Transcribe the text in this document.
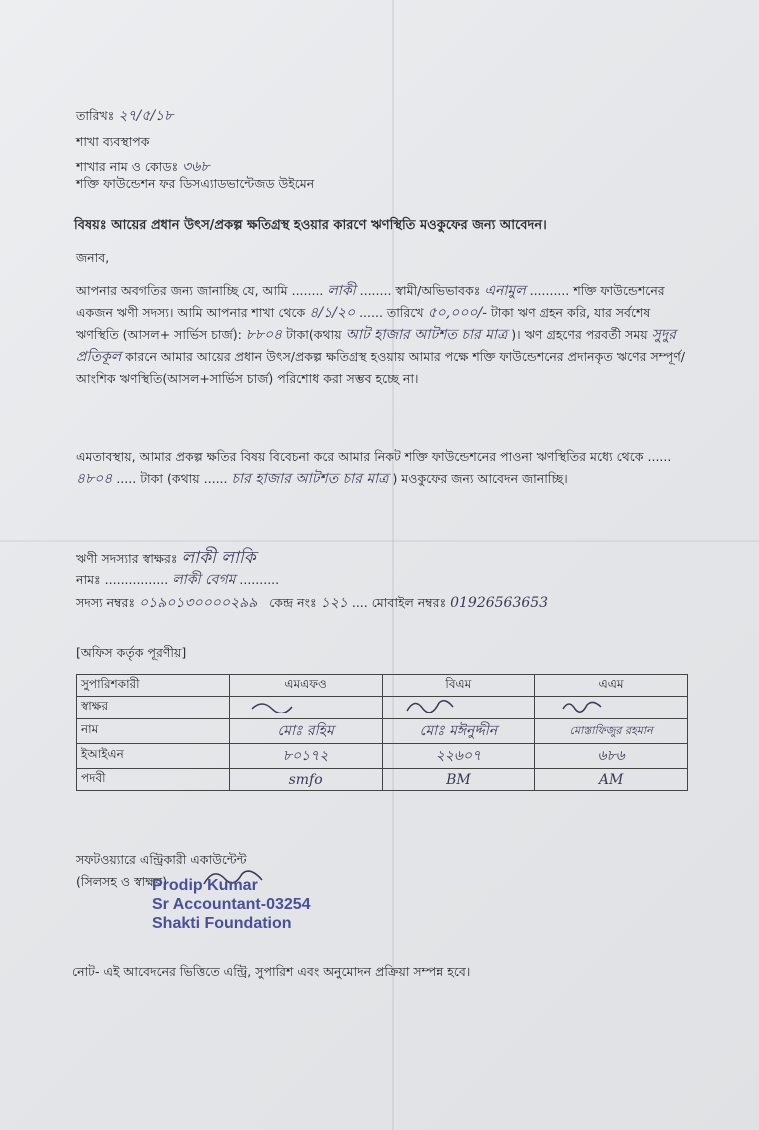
তারিখঃ ২৭/৫/১৮
শাখা ব্যবস্থাপক
শাখার নাম ও কোডঃ ৩৬৮
শক্তি ফাউন্ডেশন ফর ডিসএ্যাডভান্টেজড উইমেন
বিষয়ঃ আয়ের প্রধান উৎস/প্রকল্প ক্ষতিগ্রস্থ হওয়ার কারণে ঋণস্থিতি মওকুফের জন্য আবেদন।
জনাব,
আপনার অবগতির জন্য জানাচ্ছি যে, আমি ........ লাকী ........ স্বামী/অভিভাবকঃ এনামুল .......... শক্তি ফাউন্ডেশনের একজন ঋণী সদস্য। আমি আপনার শাখা থেকে ৪/১/২০ ...... তারিখে ৫০,০০০/- টাকা ঋণ গ্রহন করি, যার সর্বশেষ ঋণস্থিতি (আসল+ সার্ভিস চার্জ): ৮৮০৪ টাকা(কথায় আট হাজার আটশত চার মাত্র )। ঋণ গ্রহণের পরবর্তী সময় সুদুর প্রতিকূল কারনে আমার আয়ের প্রধান উৎস/প্রকল্প ক্ষতিগ্রস্থ হওয়ায় আমার পক্ষে শক্তি ফাউন্ডেশনের প্রদানকৃত ঋণের সম্পূর্ণ/আংশিক ঋণস্থিতি(আসল+সার্ভিস চার্জ) পরিশোধ করা সম্ভব হচ্ছে না।
এমতাবস্থায়, আমার প্রকল্প ক্ষতির বিষয় বিবেচনা করে আমার নিকট শক্তি ফাউন্ডেশনের পাওনা ঋণস্থিতির মধ্যে থেকে ...... ৪৮০৪ ..... টাকা (কথায় ...... চার হাজার আটশত চার মাত্র ) মওকুফের জন্য আবেদন জানাচ্ছি।
ঋণী সদস্যার স্বাক্ষরঃ লাকী লাকি
নামঃ ................ লাকী বেগম ..........
সদস্য নম্বরঃ ০১৯০১৩০০০০২৯৯ কেন্দ্র নংঃ ১২১ .... মোবাইল নম্বরঃ 01926563653
[অফিস কর্তৃক পূরণীয়]
সুপারিশকারী	এমএফও	বিএম	এএম
স্বাক্ষর			
নাম	মোঃ রহিম	মোঃ মঈনুদ্দীন	মোস্তাফিজুর রহমান
ইআইএন	৮০১৭২	২২৬০৭	৬৮৬
পদবী	smfo	BM	AM
সফটওয়্যারে এন্ট্রিকারী একাউন্টেন্ট
(সিলসহ ও স্বাক্ষর)
Prodip Kumar
Sr Accountant-03254
Shakti Foundation
নোট- এই আবেদনের ভিত্তিতে এন্ট্রি, সুপারিশ এবং অনুমোদন প্রক্রিয়া সম্পন্ন হবে।
